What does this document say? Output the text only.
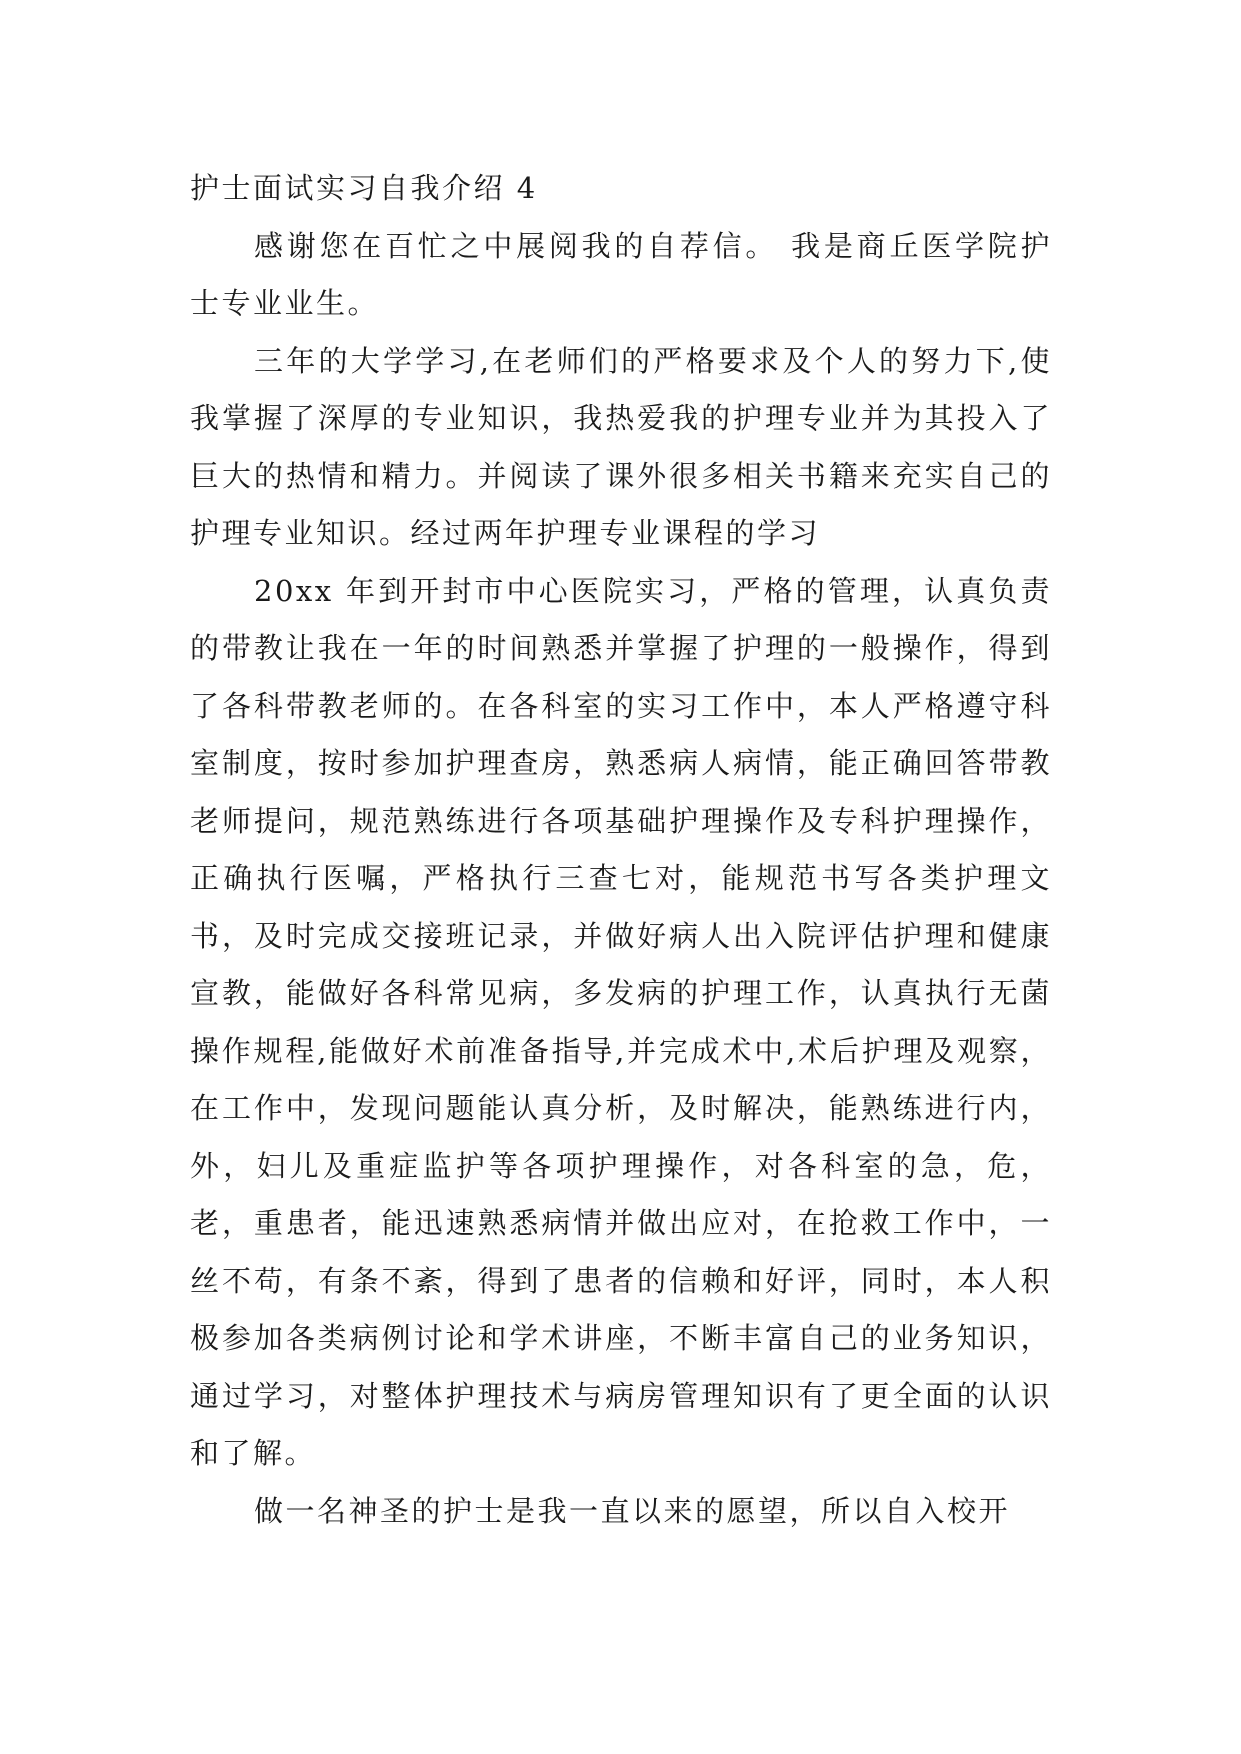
护士面试实习自我介绍 4

感谢您在百忙之中展阅我的自荐信。 我是商丘医学院护士专业业生。

三年的大学学习,在老师们的严格要求及个人的努力下,使我掌握了深厚的专业知识，我热爱我的护理专业并为其投入了巨大的热情和精力。并阅读了课外很多相关书籍来充实自己的护理专业知识。经过两年护理专业课程的学习

20xx 年到开封市中心医院实习，严格的管理，认真负责的带教让我在一年的时间熟悉并掌握了护理的一般操作，得到了各科带教老师的。在各科室的实习工作中，本人严格遵守科室制度，按时参加护理查房，熟悉病人病情，能正确回答带教老师提问，规范熟练进行各项基础护理操作及专科护理操作，正确执行医嘱，严格执行三查七对，能规范书写各类护理文书，及时完成交接班记录，并做好病人出入院评估护理和健康宣教，能做好各科常见病，多发病的护理工作，认真执行无菌操作规程,能做好术前准备指导,并完成术中,术后护理及观察，在工作中，发现问题能认真分析，及时解决，能熟练进行内，外，妇儿及重症监护等各项护理操作，对各科室的急，危，老，重患者，能迅速熟悉病情并做出应对，在抢救工作中，一丝不苟，有条不紊，得到了患者的信赖和好评，同时，本人积极参加各类病例讨论和学术讲座，不断丰富自己的业务知识，通过学习，对整体护理技术与病房管理知识有了更全面的认识和了解。

做一名神圣的护士是我一直以来的愿望，所以自入校开
